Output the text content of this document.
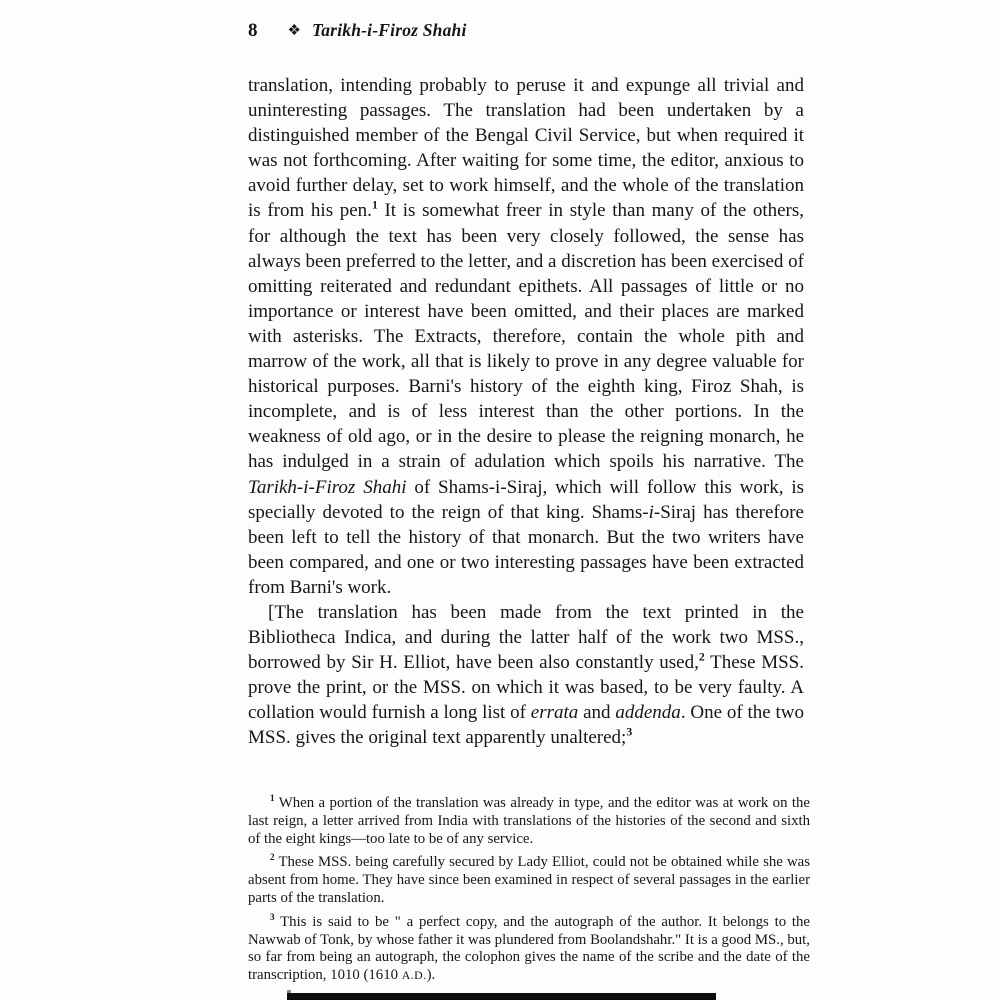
8 ❖ Tarikh-i-Firoz Shahi

translation, intending probably to peruse it and expunge all trivial and uninteresting passages. The translation had been undertaken by a distinguished member of the Bengal Civil Service, but when required it was not forthcoming. After waiting for some time, the editor, anxious to avoid further delay, set to work himself, and the whole of the translation is from his pen.$^1$ It is somewhat freer in style than many of the others, for although the text has been very closely followed, the sense has always been preferred to the letter, and a discretion has been exercised of omitting reiterated and redundant epithets. All passages of little or no importance or interest have been omitted, and their places are marked with asterisks. The Extracts, therefore, contain the whole pith and marrow of the work, all that is likely to prove in any degree valuable for historical purposes. Barni's history of the eighth king, Firoz Shah, is incomplete, and is of less interest than the other portions. In the weakness of old ago, or in the desire to please the reigning monarch, he has indulged in a strain of adulation which spoils his narrative. The Tarikh-i-Firoz Shahi of Shams-i-Siraj, which will follow this work, is specially devoted to the reign of that king. Shams-i-Siraj has therefore been left to tell the history of that monarch. But the two writers have been compared, and one or two interesting passages have been extracted from Barni's work.

[The translation has been made from the text printed in the Bibliotheca Indica, and during the latter half of the work two MSS., borrowed by Sir H. Elliot, have been also constantly used,$^2$ These MSS. prove the print, or the MSS. on which it was based, to be very faulty. A collation would furnish a long list of errata and addenda. One of the two MSS. gives the original text apparently unaltered;$^3$

$^1$ When a portion of the translation was already in type, and the editor was at work on the last reign, a letter arrived from India with translations of the histories of the second and sixth of the eight kings—too late to be of any service.

$^2$ These MSS. being carefully secured by Lady Elliot, could not be obtained while she was absent from home. They have since been examined in respect of several passages in the earlier parts of the translation.

$^3$ This is said to be " a perfect copy, and the autograph of the author. It belongs to the Nawwab of Tonk, by whose father it was plundered from Boolandshahr." It is a good MS., but, so far from being an autograph, the colophon gives the name of the scribe and the date of the transcription, 1010 (1610 A.D.).
